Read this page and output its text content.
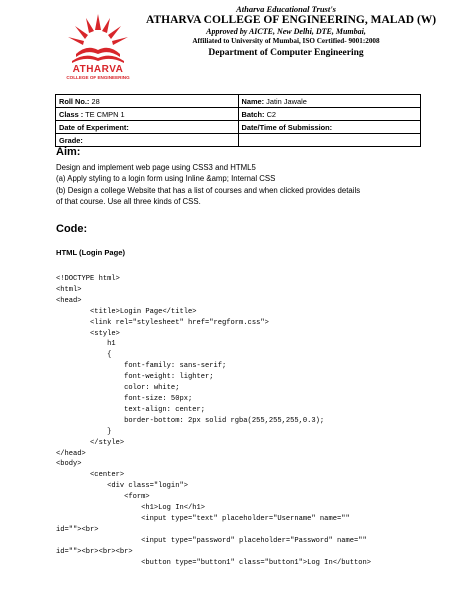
ATHARVA
COLLEGE OF ENGINEERING
Atharva Educational Trust's
ATHARVA COLLEGE OF ENGINEERING, MALAD (W)
Approved by AICTE, New Delhi, DTE, Mumbai,
Affiliated to University of Mumbai, ISO Certified- 9001:2008
Department of Computer Engineering
Roll No.: 28	Name: Jatin Jawale
Class : TE CMPN 1	Batch: C2
Date of Experiment:	Date/Time of Submission:
Grade:	
Aim:
Design and implement web page using CSS3 and HTML5
(a) Apply styling to a login form using Inline &amp; Internal CSS
(b) Design a college Website that has a list of courses and when clicked provides details
of that course. Use all three kinds of CSS.
Code:
HTML (Login Page)
<!DOCTYPE html>
<html>
<head>
<title>Login Page</title>
<link rel="stylesheet" href="regform.css">
<style>
h1
{
font-family: sans-serif;
font-weight: lighter;
color: white;
font-size: 50px;
text-align: center;
border-bottom: 2px solid rgba(255,255,255,0.3);
}
</style>
</head>
<body>
<center>
<div class="login">
<form>
<h1>Log In</h1>
<input type="text" placeholder="Username" name=""
id=""><br>
<input type="password" placeholder="Password" name=""
id=""><br><br><br>
<button type="button1" class="button1">Log In</button>
